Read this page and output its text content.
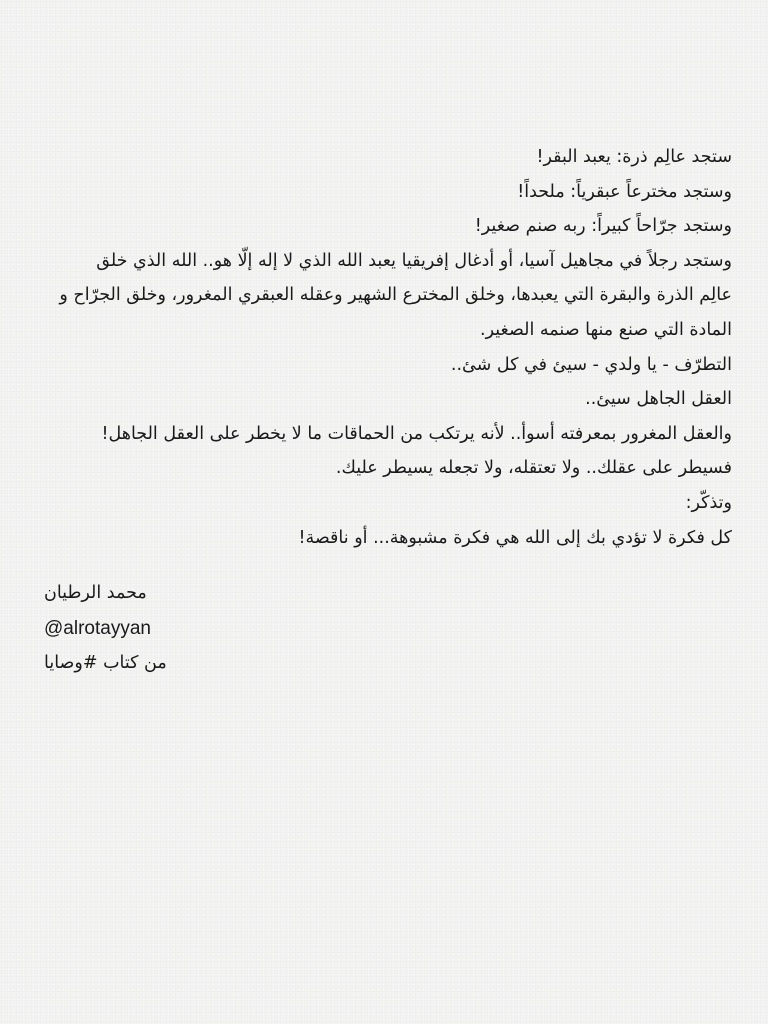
ستجد عالِم ذرة: يعبد البقر!
وستجد مخترعاً عبقرياً: ملحداً!
وستجد جرّاحاً كبيراً: ربه صنم صغير!
وستجد رجلاً في مجاهيل آسيا، أو أدغال إفريقيا يعبد الله الذي لا إله إلّا هو.. الله الذي خلق
عالِم الذرة والبقرة التي يعبدها، وخلق المخترع الشهير وعقله العبقري المغرور، وخلق الجرّاح و
المادة التي صنع منها صنمه الصغير.
التطرّف - يا ولدي - سيئ في كل شئ..
العقل الجاهل سيئ..
والعقل المغرور بمعرفته أسوأ.. لأنه يرتكب من الحماقات ما لا يخطر على العقل الجاهل!
فسيطر على عقلك.. ولا تعتقله، ولا تجعله يسيطر عليك.
وتذكّر:
كل فكرة لا تؤدي بك إلى الله هي فكرة مشبوهة... أو ناقصة!
محمد الرطيان
@alrotayyan
من كتاب #وصايا
